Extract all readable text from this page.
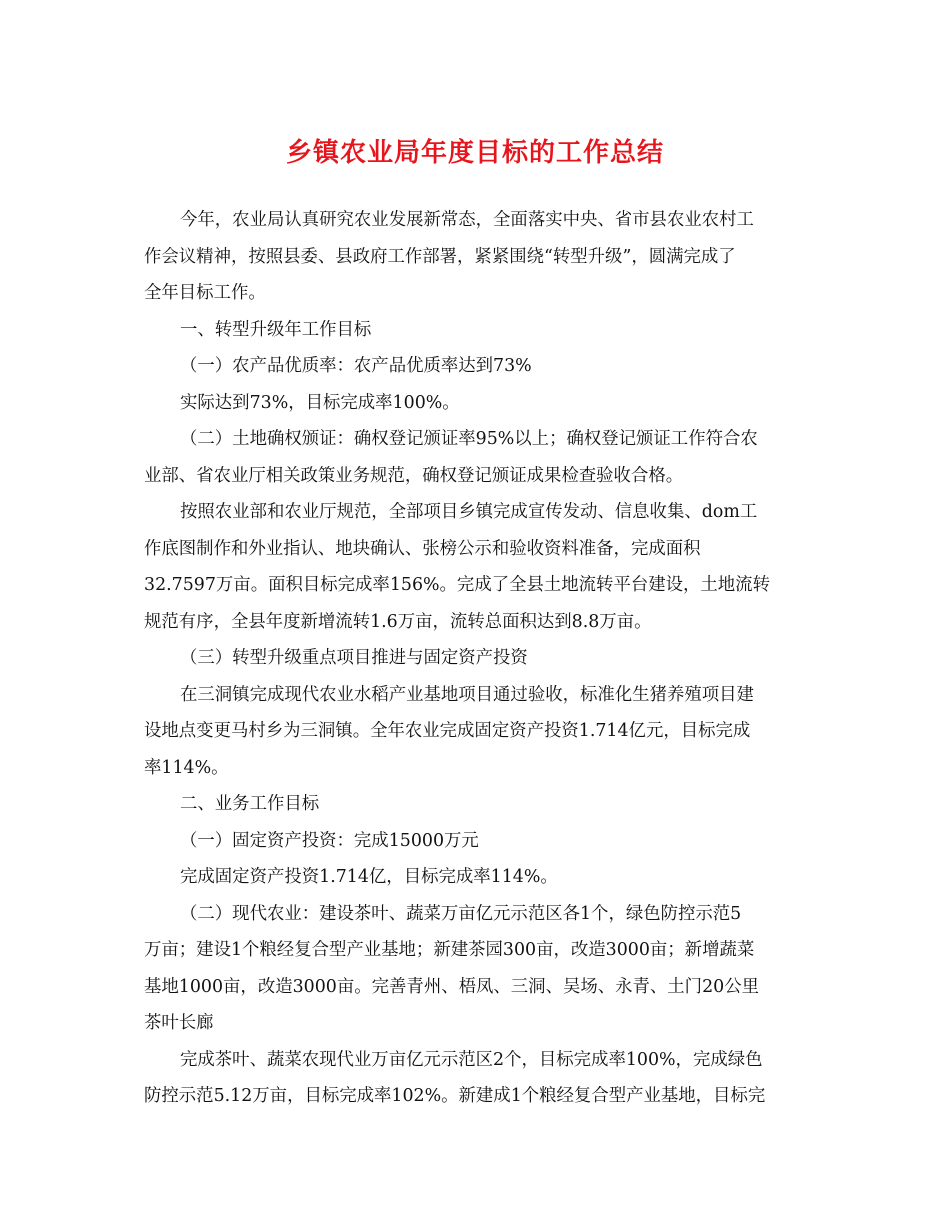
乡镇农业局年度目标的工作总结
今年，农业局认真研究农业发展新常态，全面落实中央、省市县农业农村工
作会议精神，按照县委、县政府工作部署，紧紧围绕“转型升级”，圆满完成了
全年目标工作。
一、转型升级年工作目标
（一）农产品优质率：农产品优质率达到73%
实际达到73%，目标完成率100%。
（二）土地确权颁证：确权登记颁证率95%以上；确权登记颁证工作符合农
业部、省农业厅相关政策业务规范，确权登记颁证成果检查验收合格。
按照农业部和农业厅规范，全部项目乡镇完成宣传发动、信息收集、dom工
作底图制作和外业指认、地块确认、张榜公示和验收资料准备，完成面积
32.7597万亩。面积目标完成率156%。完成了全县土地流转平台建设，土地流转
规范有序，全县年度新增流转1.6万亩，流转总面积达到8.8万亩。
（三）转型升级重点项目推进与固定资产投资
在三洞镇完成现代农业水稻产业基地项目通过验收，标准化生猪养殖项目建
设地点变更马村乡为三洞镇。全年农业完成固定资产投资1.714亿元，目标完成
率114%。
二、业务工作目标
（一）固定资产投资：完成15000万元
完成固定资产投资1.714亿，目标完成率114%。
（二）现代农业：建设茶叶、蔬菜万亩亿元示范区各1个，绿色防控示范5
万亩；建设1个粮经复合型产业基地；新建茶园300亩，改造3000亩；新增蔬菜
基地1000亩，改造3000亩。完善青州、梧凤、三洞、吴场、永青、土门20公里
茶叶长廊
完成茶叶、蔬菜农现代业万亩亿元示范区2个，目标完成率100%，完成绿色
防控示范5.12万亩，目标完成率102%。新建成1个粮经复合型产业基地，目标完
